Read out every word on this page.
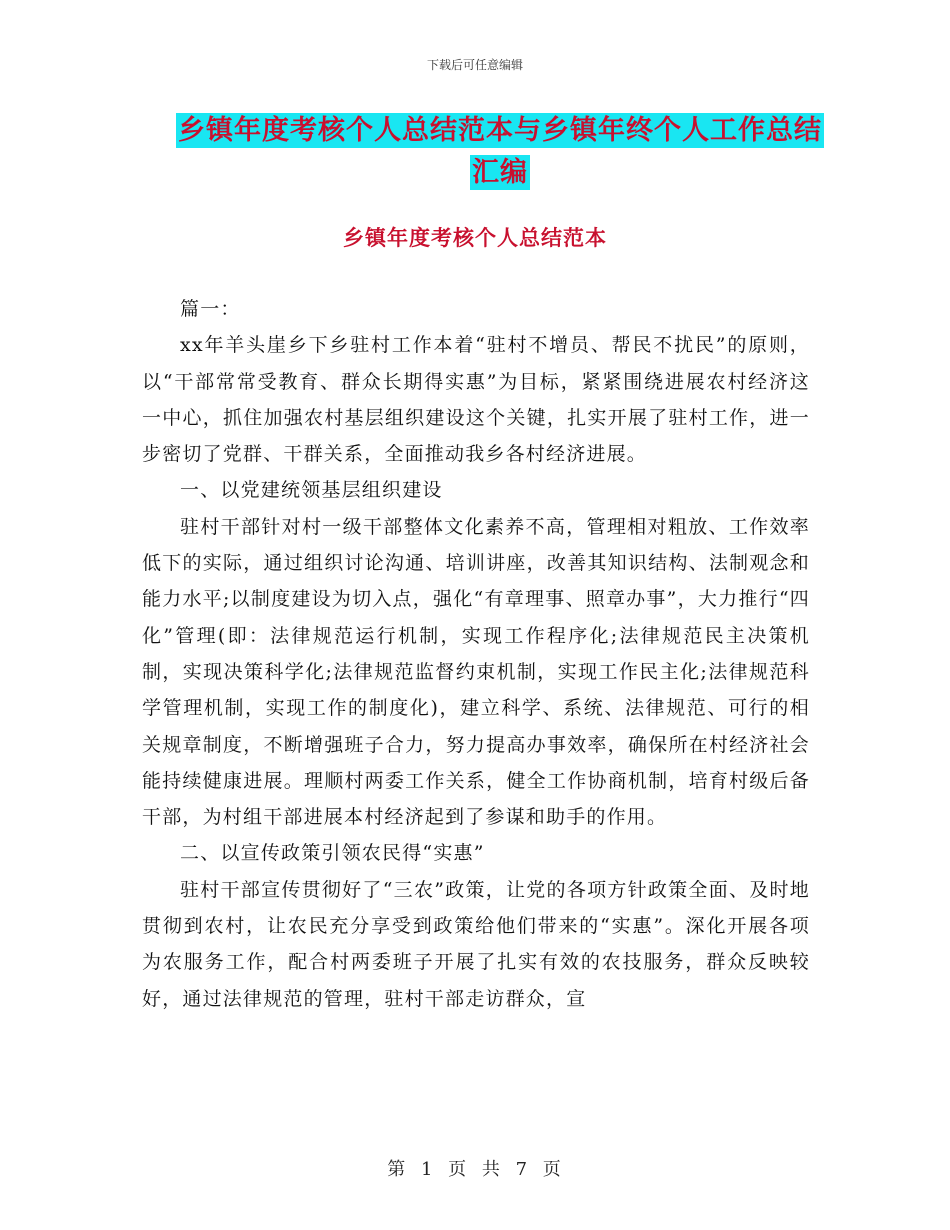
下载后可任意编辑
乡镇年度考核个人总结范本与乡镇年终个人工作总结
汇编
乡镇年度考核个人总结范本

篇一：

xx年羊头崖乡下乡驻村工作本着“驻村不增员、帮民不扰民”的原则，以“干部常常受教育、群众长期得实惠”为目标，紧紧围绕进展农村经济这一中心，抓住加强农村基层组织建设这个关键，扎实开展了驻村工作，进一步密切了党群、干群关系，全面推动我乡各村经济进展。

一、以党建统领基层组织建设

驻村干部针对村一级干部整体文化素养不高，管理相对粗放、工作效率低下的实际，通过组织讨论沟通、培训讲座，改善其知识结构、法制观念和能力水平;以制度建设为切入点，强化“有章理事、照章办事”，大力推行“四化”管理(即：法律规范运行机制，实现工作程序化;法律规范民主决策机制，实现决策科学化;法律规范监督约束机制，实现工作民主化;法律规范科学管理机制，实现工作的制度化)，建立科学、系统、法律规范、可行的相关规章制度，不断增强班子合力，努力提高办事效率，确保所在村经济社会能持续健康进展。理顺村两委工作关系，健全工作协商机制，培育村级后备干部，为村组干部进展本村经济起到了参谋和助手的作用。

二、以宣传政策引领农民得“实惠”

驻村干部宣传贯彻好了“三农”政策，让党的各项方针政策全面、及时地贯彻到农村，让农民充分享受到政策给他们带来的“实惠”。深化开展各项为农服务工作，配合村两委班子开展了扎实有效的农技服务，群众反映较好，通过法律规范的管理，驻村干部走访群众，宣

第 1 页 共 7 页
